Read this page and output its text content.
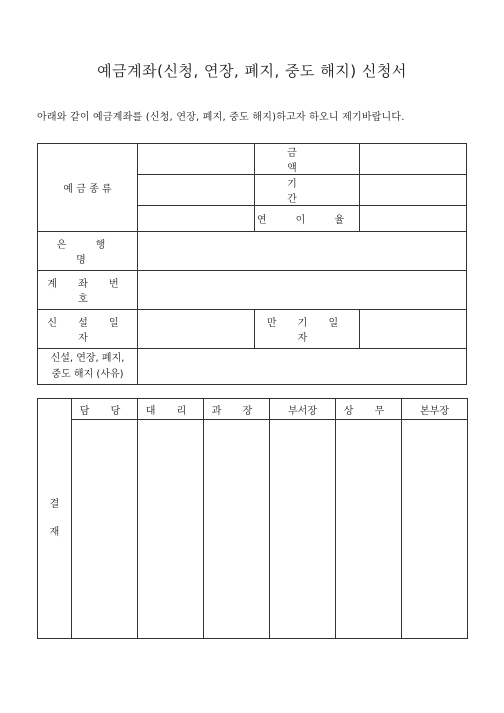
예금계좌(신청, 연장, 폐지, 중도 해지) 신청서
아래와 같이 예금계좌를 (신청, 연장, 폐지, 중도 해지)하고자 하오니 제기바랍니다.
예 금 종 류		금 액	
		기 간	
		연 이 율	
은 행 명			
계 좌 번 호			
신 설 일 자		만 기 일 자	

신설, 연장, 폐지,
중도 해지 (사유)			

결
재	담 당	대 리	과 장	부서장	상 무	본부장
